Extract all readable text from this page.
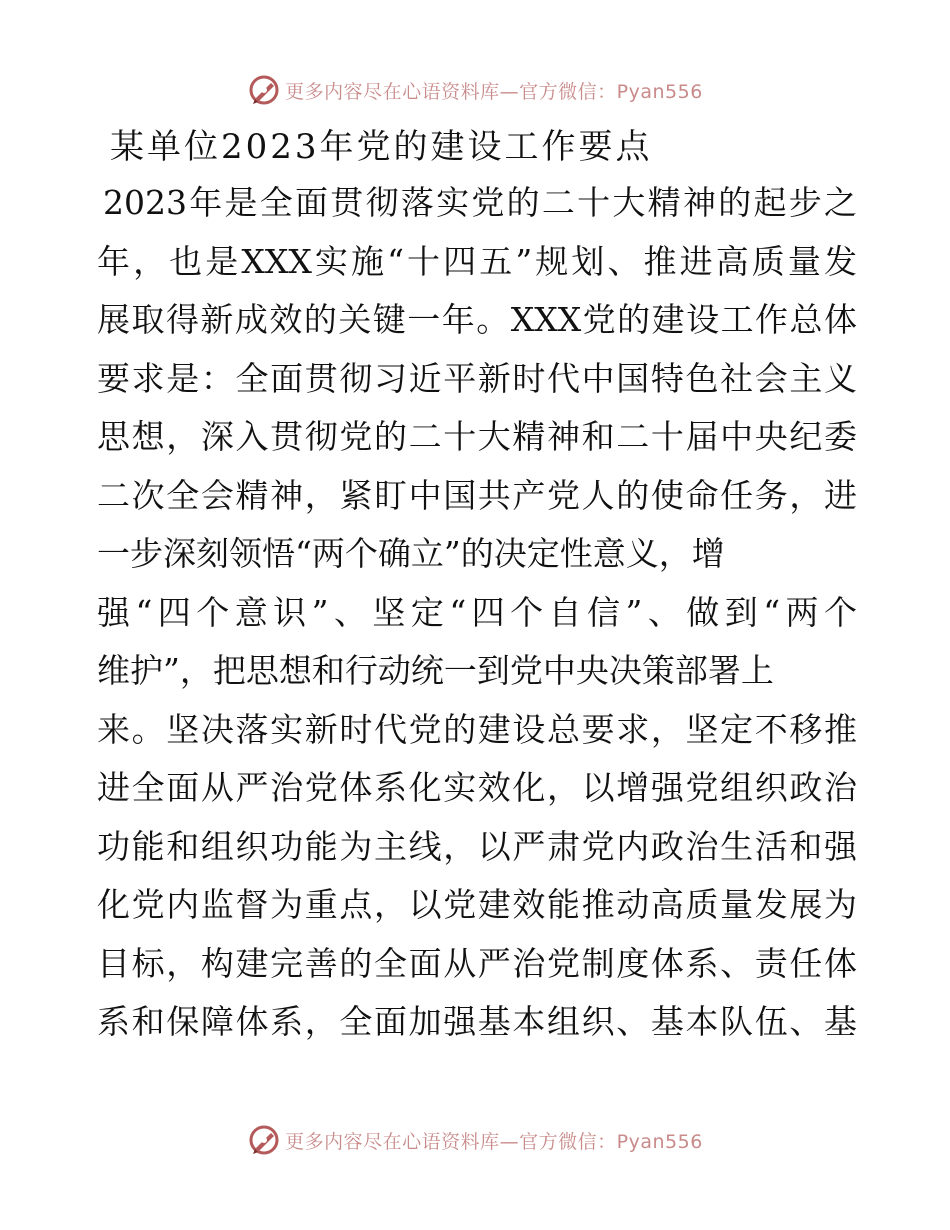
更多内容尽在心语资料库—官方微信：Pyan556
某单位2023年党的建设工作要点
2023年是全面贯彻落实党的二十大精神的起步之
年，也是XXX实施“十四五”规划、推进高质量发
展取得新成效的关键一年。XXX党的建设工作总体
要求是：全面贯彻习近平新时代中国特色社会主义
思想，深入贯彻党的二十大精神和二十届中央纪委
二次全会精神，紧盯中国共产党人的使命任务，进
一步深刻领悟“两个确立”的决定性意义，增
强“四个意识”、坚定“四个自信”、做到“两个
维护”，把思想和行动统一到党中央决策部署上
来。坚决落实新时代党的建设总要求，坚定不移推
进全面从严治党体系化实效化，以增强党组织政治
功能和组织功能为主线，以严肃党内政治生活和强
化党内监督为重点，以党建效能推动高质量发展为
目标，构建完善的全面从严治党制度体系、责任体
系和保障体系，全面加强基本组织、基本队伍、基
更多内容尽在心语资料库—官方微信：Pyan556
